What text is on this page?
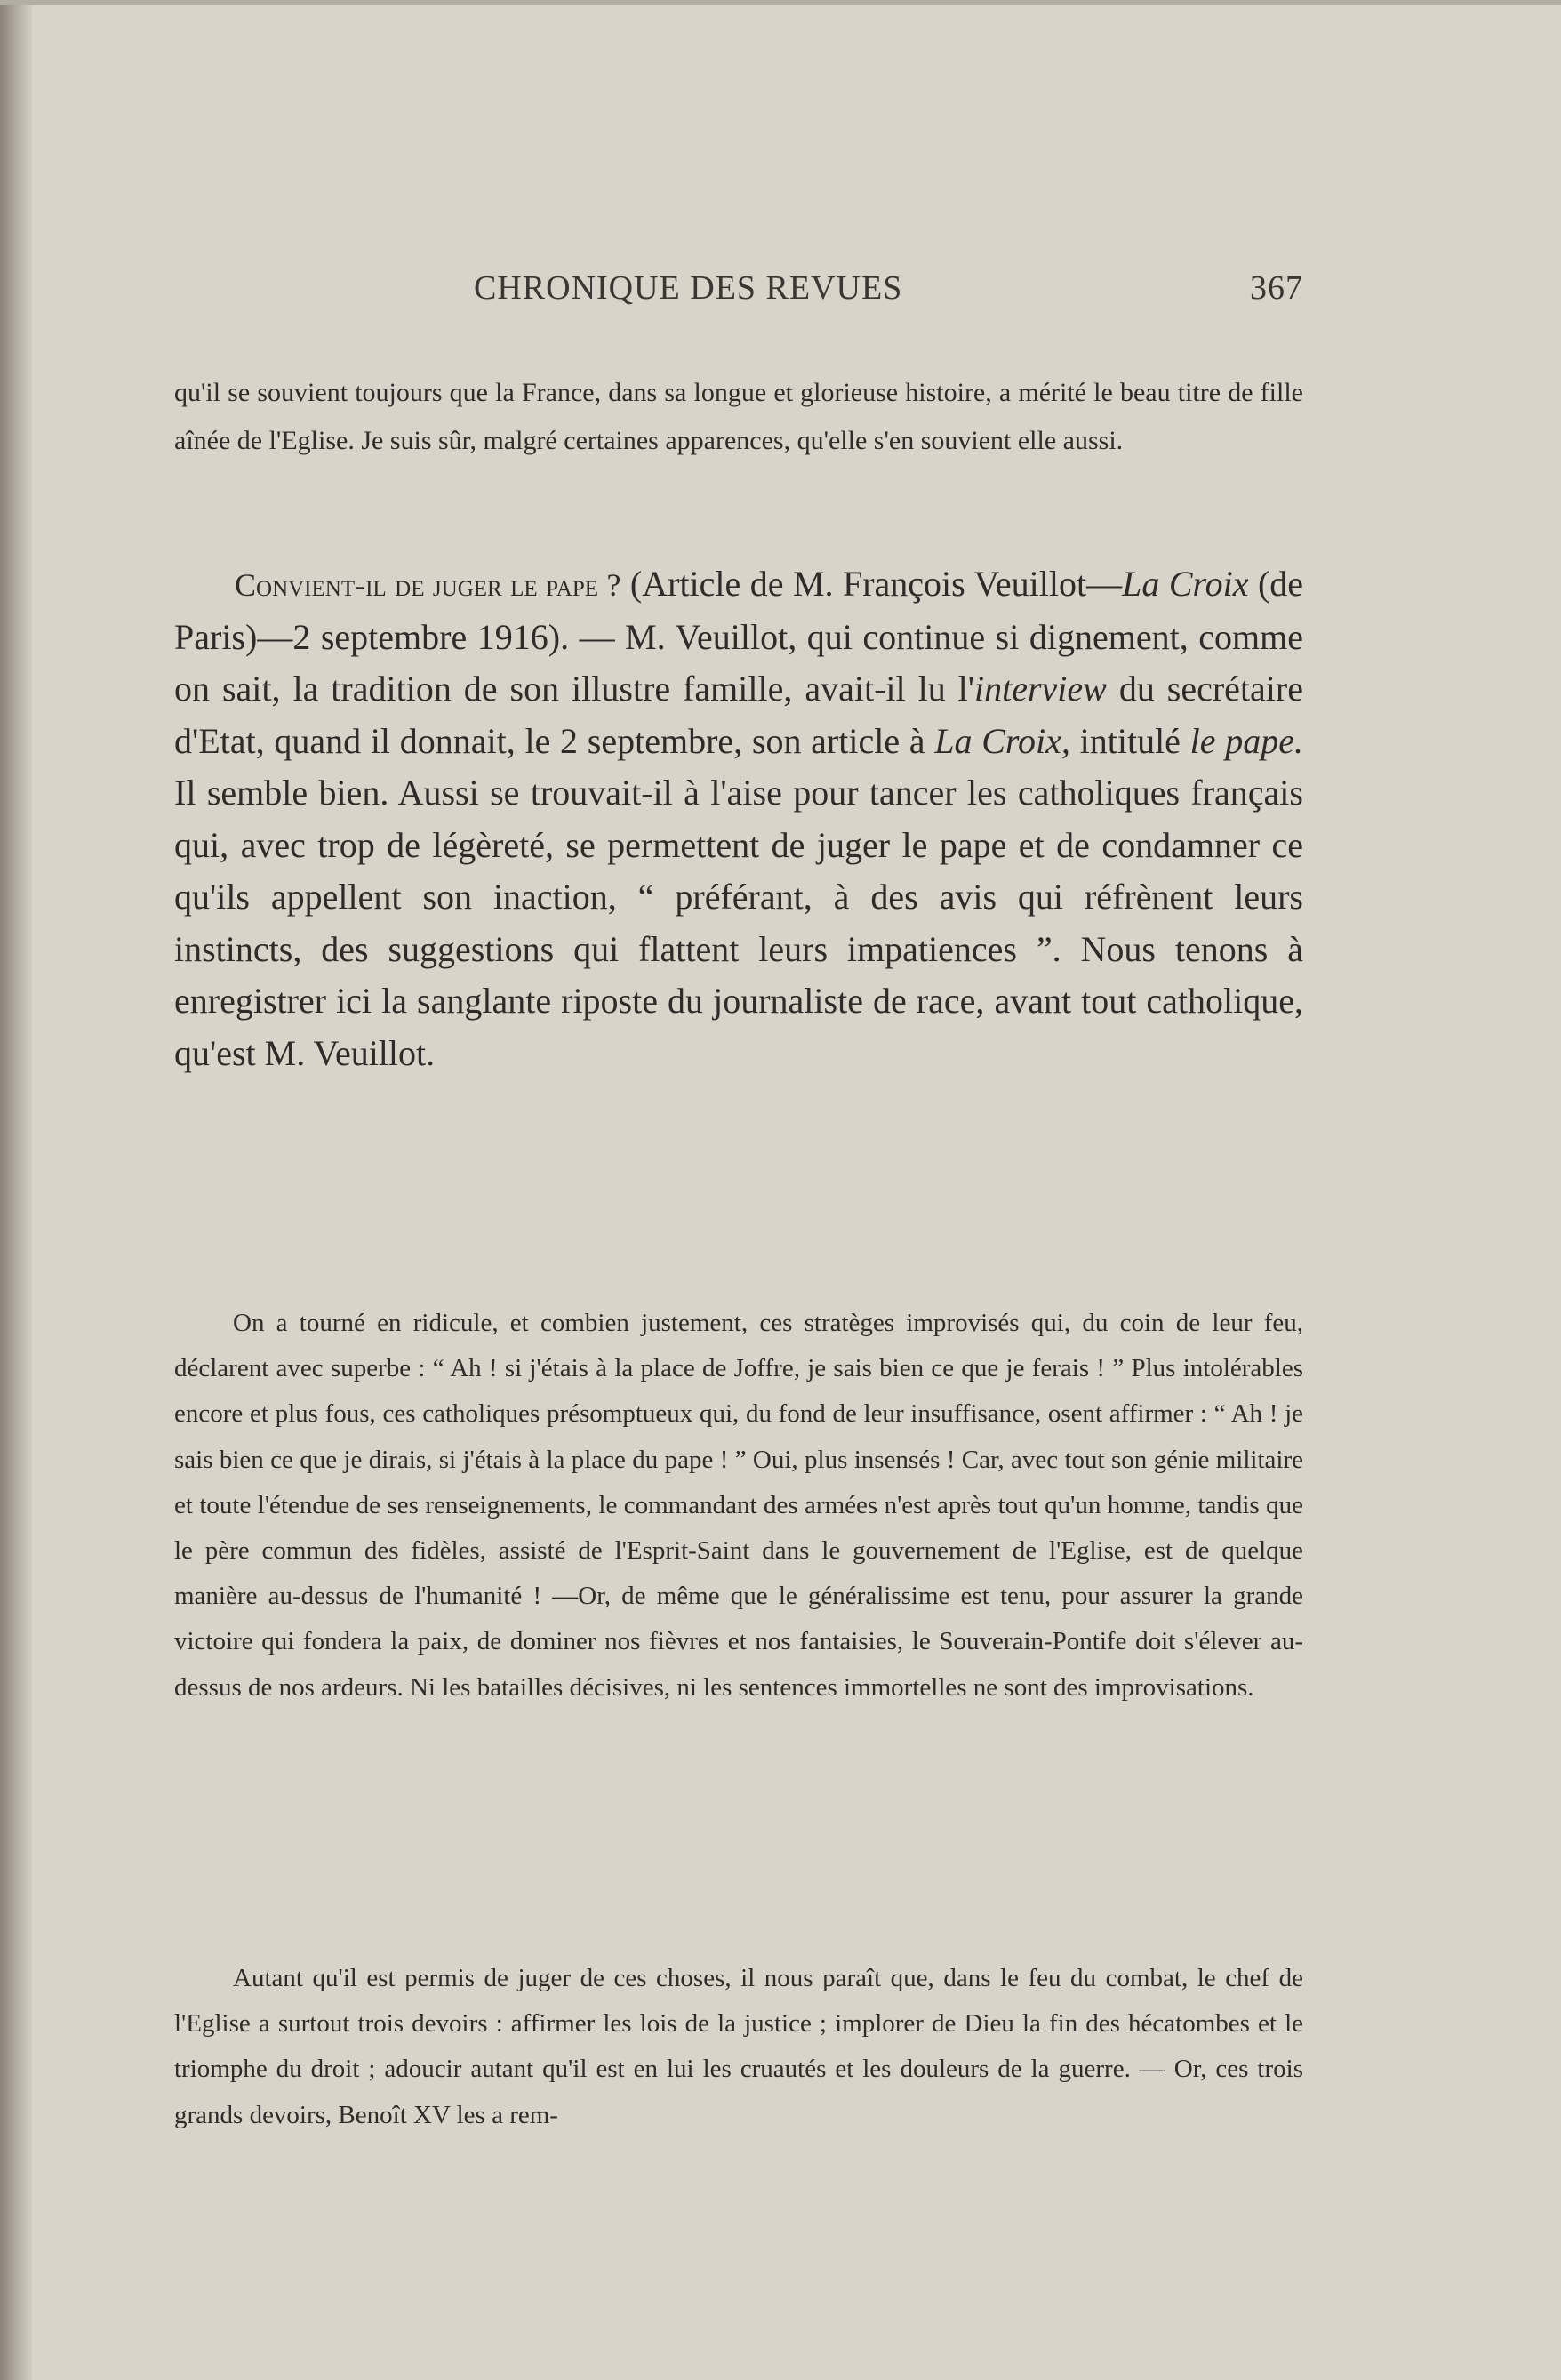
CHRONIQUE DES REVUES	367
qu'il se souvient toujours que la France, dans sa longue et glorieuse histoire, a mérité le beau titre de fille aînée de l'Eglise. Je suis sûr, malgré certaines apparences, qu'elle s'en souvient elle aussi.
Convient-il de juger le pape ? (Article de M. François Veuillot—La Croix (de Paris)—2 septembre 1916). — M. Veuillot, qui continue si dignement, comme on sait, la tradition de son illustre famille, avait-il lu l'interview du secrétaire d'Etat, quand il donnait, le 2 septembre, son article à La Croix, intitulé le pape. Il semble bien. Aussi se trouvait-il à l'aise pour tancer les catholiques français qui, avec trop de légèreté, se permettent de juger le pape et de condamner ce qu'ils appellent son inaction, “ préférant, à des avis qui réfrènent leurs instincts, des suggestions qui flattent leurs impatiences ”. Nous tenons à enregistrer ici la sanglante riposte du journaliste de race, avant tout catholique, qu'est M. Veuillot.
On a tourné en ridicule, et combien justement, ces stratèges improvisés qui, du coin de leur feu, déclarent avec superbe : “ Ah ! si j'étais à la place de Joffre, je sais bien ce que je ferais ! ” Plus intolérables encore et plus fous, ces catholiques présomptueux qui, du fond de leur insuffisance, osent affirmer : “ Ah ! je sais bien ce que je dirais, si j'étais à la place du pape ! ” Oui, plus insensés ! Car, avec tout son génie militaire et toute l'étendue de ses renseignements, le commandant des armées n'est après tout qu'un homme, tandis que le père commun des fidèles, assisté de l'Esprit-Saint dans le gouvernement de l'Eglise, est de quelque manière au-dessus de l'humanité ! —Or, de même que le généralissime est tenu, pour assurer la grande victoire qui fondera la paix, de dominer nos fièvres et nos fantaisies, le Souverain-Pontife doit s'élever au-dessus de nos ardeurs. Ni les batailles décisives, ni les sentences immortelles ne sont des improvisations.
Autant qu'il est permis de juger de ces choses, il nous paraît que, dans le feu du combat, le chef de l'Eglise a surtout trois devoirs : affirmer les lois de la justice ; implorer de Dieu la fin des hécatombes et le triomphe du droit ; adoucir autant qu'il est en lui les cruautés et les douleurs de la guerre. — Or, ces trois grands devoirs, Benoît XV les a rem-
